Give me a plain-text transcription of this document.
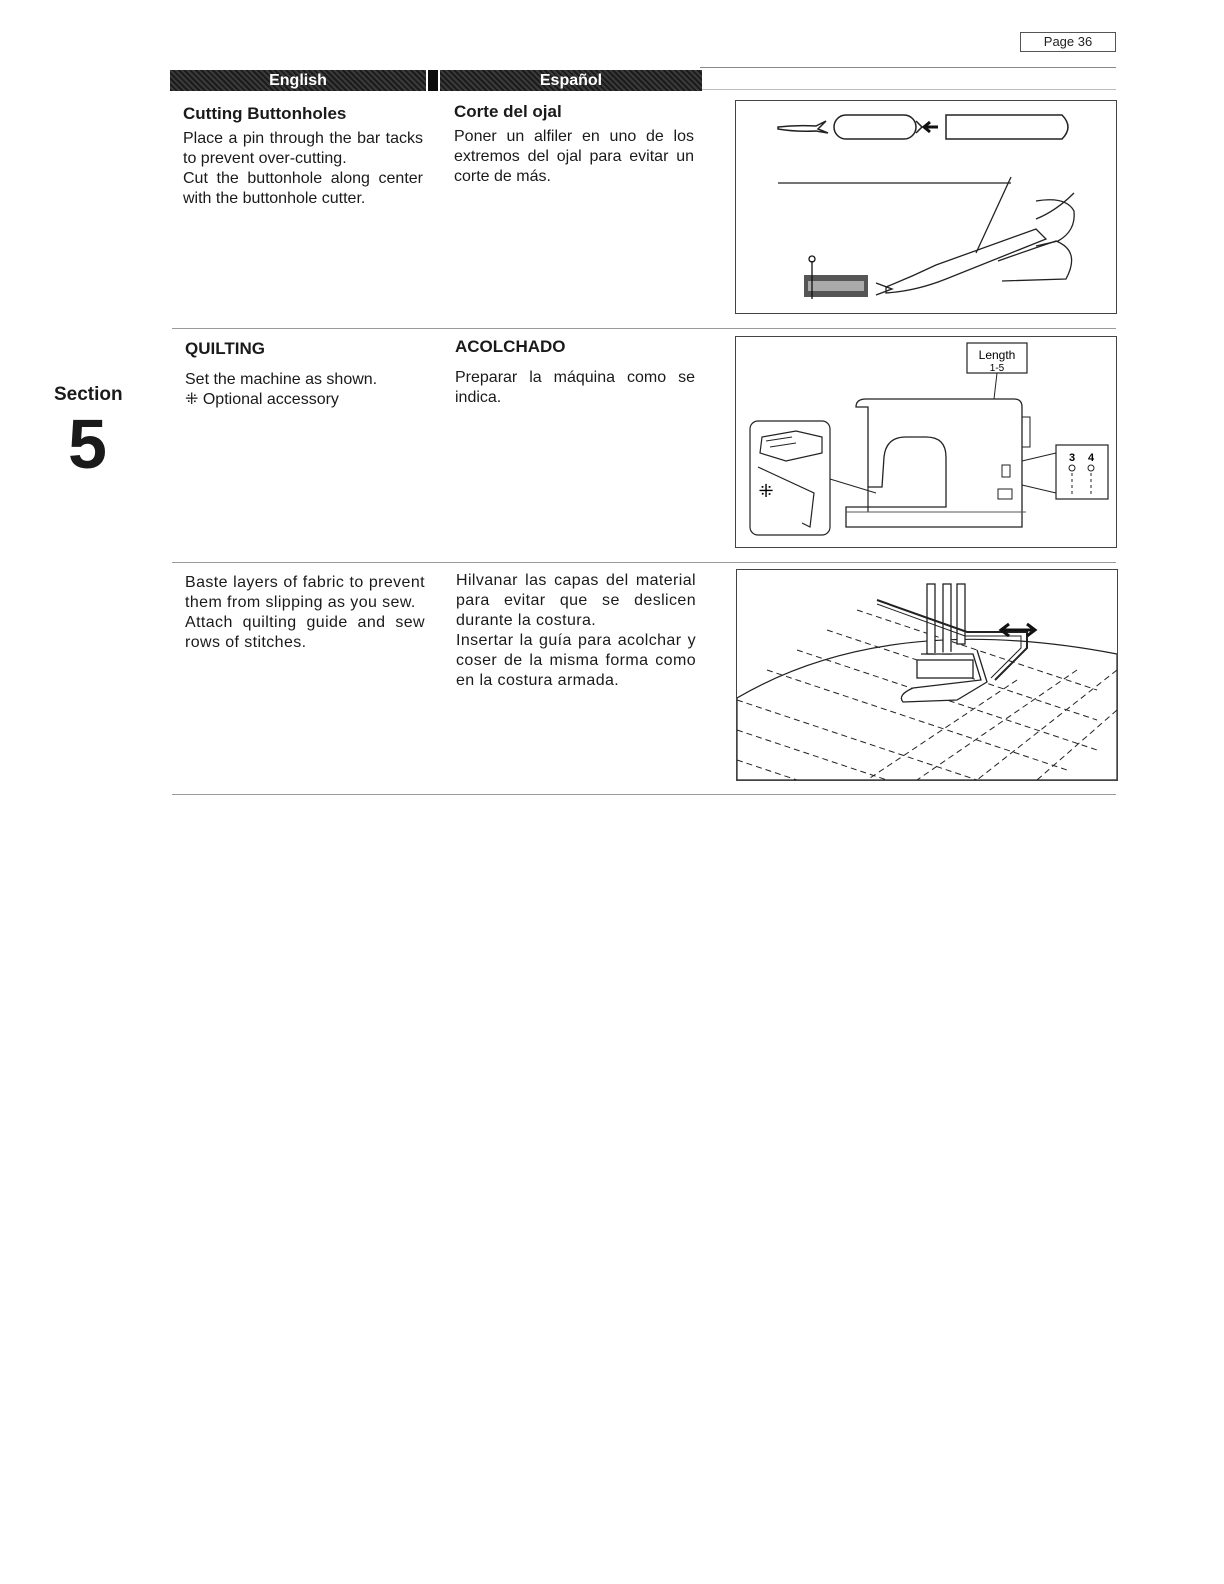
Page 36
English	Español
Section
5
Cutting Buttonholes
Place a pin through the bar tacks to prevent over-cutting.
Cut the buttonhole along center with the buttonhole cutter.
Corte del ojal
Poner un alfiler en uno de los extremos del ojal para evitar un corte de más.
QUILTING
Set the machine as shown.
⁜ Optional accessory
ACOLCHADO
Preparar la máquina como se indica.
Length
1-5
⁜
3 4
Baste layers of fabric to prevent them from slipping as you sew.
Attach quilting guide and sew rows of stitches.
Hilvanar las capas del material para evitar que se deslicen durante la costura.
Insertar la guía para acolchar y coser de la misma forma como en la costura armada.
